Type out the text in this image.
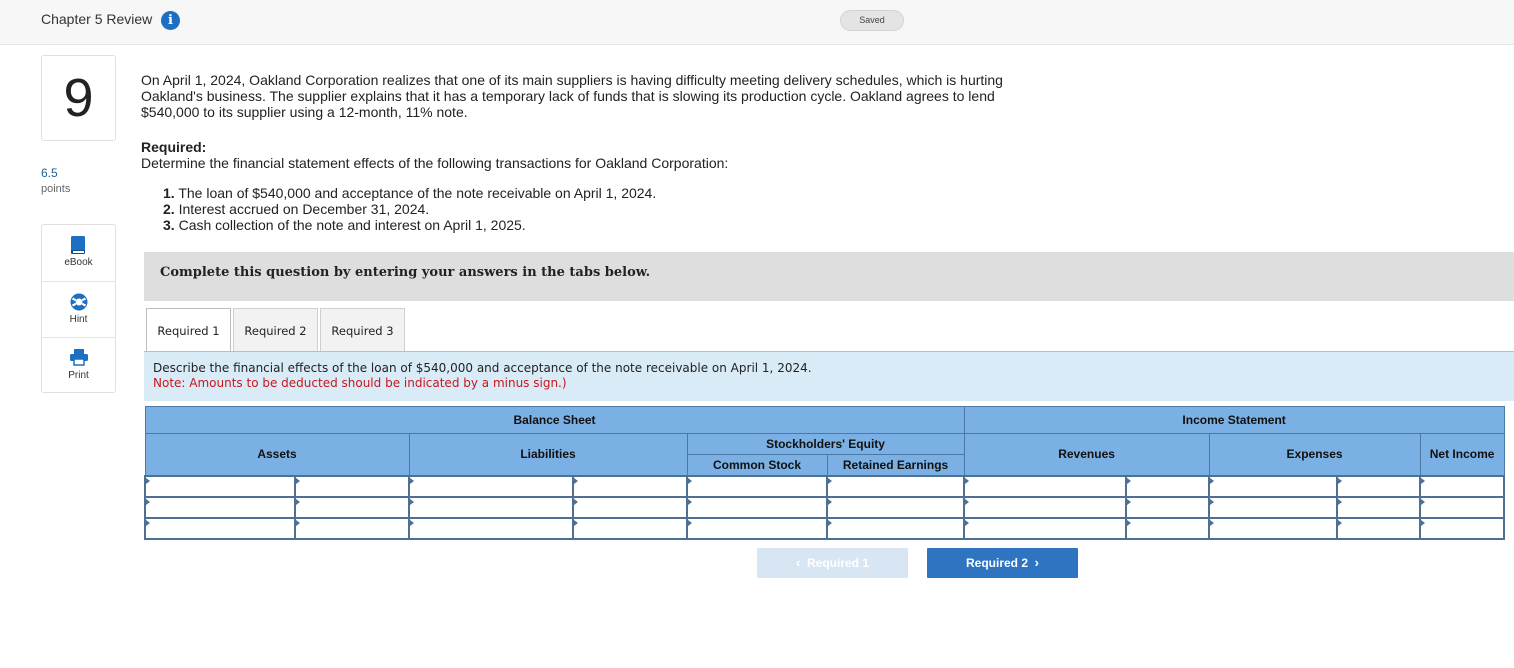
Chapter 5 Review	i	Saved
9
6.5
points
eBook
Hint
Print
On April 1, 2024, Oakland Corporation realizes that one of its main suppliers is having difficulty meeting delivery schedules, which is hurting Oakland's business. The supplier explains that it has a temporary lack of funds that is slowing its production cycle. Oakland agrees to lend $540,000 to its supplier using a 12-month, 11% note.
Required:
Determine the financial statement effects of the following transactions for Oakland Corporation:
1. The loan of $540,000 and acceptance of the note receivable on April 1, 2024.
2. Interest accrued on December 31, 2024.
3. Cash collection of the note and interest on April 1, 2025.
Complete this question by entering your answers in the tabs below.
Required 1	Required 2	Required 3
Describe the financial effects of the loan of $540,000 and acceptance of the note receivable on April 1, 2024.
Note: Amounts to be deducted should be indicated by a minus sign.)
Balance Sheet						Income Statement				
Assets		Liabilities		Stockholders' Equity		Revenues		Expenses		Net Income
				Common Stock	Retained Earnings					

‹ Required 1	Required 2 ›
